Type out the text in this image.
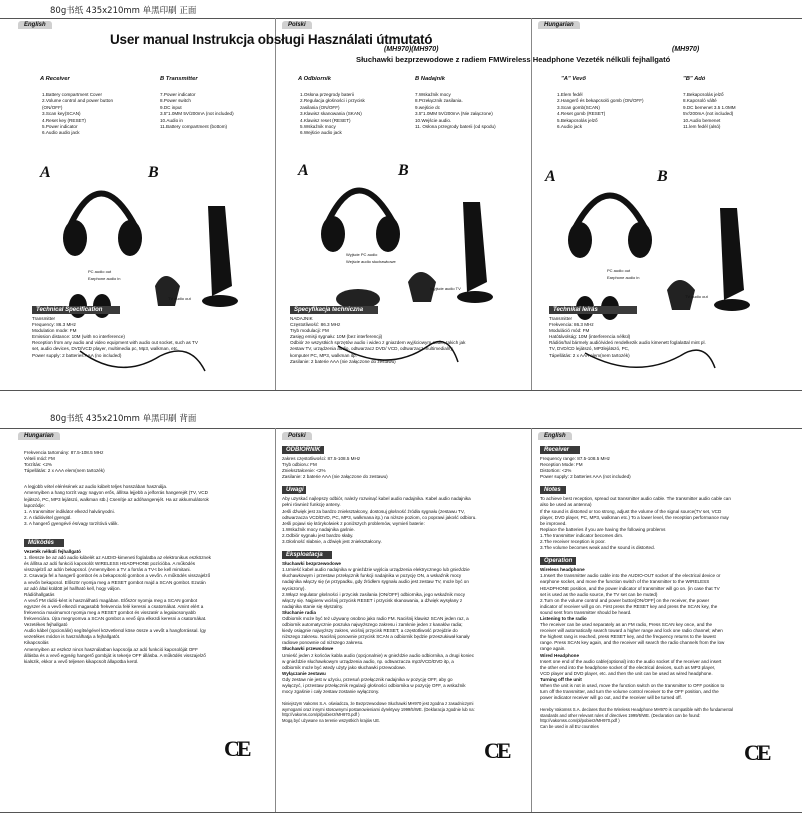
80g书纸 435x210mm 单黑印刷 正面
80g书纸 435x210mm 单黑印刷 背面
English	Polski	Hungarian
User manual Instrukcja obsługi Használati útmutató
(MH970)(MH970)	(MH970)
Słuchawki bezprzewodowe z radiem FMWireless Headphone Vezeték nélküli fejhallgató
A Receiver
1.Battery compartment Cover
2.Volume control and power button
(ON/OFF)
3.Scan key(SCAN)
4.Reset key (RESET)
5.Power indicator
6.Audio audio jack
B Transmitter
7.Power indicator
8.Power switch
9.DC input
3.5"1.0MM 5V/200mA (not included)
10.Audio in
11.Battery compartment (bottom)
A	B
PC audio out
Earphone audio in
TV audio out
Technical Specification
Transmitter
Frequency: 86.3 MHz
Modulation mode: FM
Emission distance: 10M (with no interference)
Reception from any audio and video equipment with audio out socket, such as TV
set, audio devices, DVD/VCD player, multimedia pc, Mp3, walkman, etc.
Power supply: 2 batteries AAA (no included)
A Odbiornik
1.Osłona przegrody baterii
2.Regulacja głośności i przycisk
zasilania (ON/OFF)
3.Klawisz skanowania (SKAN)
4.Klawisz reset (RESET)
5.Wskaźnik mocy
6.Wejście audio jack
B Nadajnik
7.Wskaźnik mocy
8.Przełącznik zasilania.
9.wejście dc
3.5"1.0MM 5V/200mA (Nie załączone)
10.Wejście audio.
11. Osłona przegrody baterii (od spodu)
A	B
Wyjście PC audio
Wejście audio słuchawkowe
Wyjście audio TV
Specyfikacja techniczna
NADAJNIK
Częstotliwość: 86.3 MHz
Tryb modulacji: FM
Zasięg emisji sygnału: 10M (bez interferencji)
Odbiór ze wszystkich sprzętów audio i wideo z gniazdem wyjściowym audio, takich jak
zestaw TV, urządzenia audio, odtwarzacz DVD/ VCD, odtwarzacz multimedialny,
komputer PC, MP3, walkman itp.
Zasilanie: 2 baterie AAA (nie załączone do zestawu)
"A" Vevő
1.Elem fedél
2.Hangerő és bekapcsoló gomb (ON/OFF)
3.Scan gomb(SCAN)
4.Reset gomb (RESET)
5.Bekapcsolás jelző
6.Audio jack
"B" Adó
7.Bekapcsolás jelző
8.Kapcsoló válté
9.DC bemenet 3.5 1.0MM
5V/200mA (not included)
10.Audio bemenet
11.lem fedél (alsó)
A	B
PC audio out
Earphone audio in
TV audio out
Technikai leírás
Transmitter
Frekvencia: 86.3 MHz
Moduláció mód: FM
Hatótávolság: 10M (interferencia nélkül)
Rádiós/hal bármely audió/videó rendelkezik audio kimenett foglalattal mint pl.
TV, DVD/CD lejátszó, MP3lejátszó, PC,
Tápellátás: 2 x AAA elem(nem tartozék)
Hungarian	Polski	English
Frekvencia tartomány: 87.5-108.5 MHz
Vételi mód: FM
Torzítás: <2%
Tápellátás: 2 x AAA elem(nem tartozék)
A legjobb vétel elérésének az audio kábelt teljes hosszában használja.
Amennyiben a hang torzít vagy nagyon erős, állítsa lejjebb a jelforrás hangerejét (TV, VCD
lejátszó, PC, MP3 lejátszó, walkman stb.) Csenítje az adóhangerejét. Ha az akkumulátorok
lapozódje:
1. A transmitter indikátor elkezd halványodni.
2. A rádióvétel gyengül.
3. A hangerő gyengévé és/vagy torzítóvá válik.
Működés
Vezeték nélküli fejhallgató
1. Illessze be az adó audio kábelét az AUDIO-kimeneti foglalatba az elektronikus eszköznek
és állítsa az adó funkció kapcsolót WIRELESS HEADPHONE pozícióba. A működés
visszajelző az adón bekapcsol. (Amennyiben a TV a forrás a TV-t be kell mimitani.
2. Csavarja fel a hangerő gombot és a bekapcsoló gombon a vevőn. A működés visszajelző
a vevőn bekapcsol. Először nyomja meg a RESET gombot majd a SCAN gombot. Ezután
az adó által küldött jel hallható kell, hogy váljon.
Rádióhallgatás
A vevő FM rádió-ként is használható magában. Először nyomja meg a SCAN gombot
egyszer és a vevő elkezdi magasabb frekvencia felé keresni a csatornákat. Amint elért a
frekvencia maximumot nyomja meg a RESET gombot és visszatér a legalacsonyabb
frekvenciára. Újra megnyomva a SCAN gombot a vevő újra elkezdi keresni a csatornákat.
Vezetékes fejhallgató
Audio kábel (opcionális) segítségével közvetlenül köse össze a vevőt a hangforrással. Így
vezetékes módon is használhatja a fejhallgatót.
Kikapcsolás
Amennyiben az eszköz nincs használatban kapcsolja az adó funkció kapcsolóját OFF
állásba és a vevő egység hangerő gombját is tekerje OFF állásba. A működés visszajelző
kialszik, ekkor a vevő teljesen kikapcsolt állapotba kerül.
CE
ODBIORNIK
zakres częstotliwości: 87.5-108.5 MHz
Tryb odbioru: FM
Zniekształcenie: <2%
Zasilanie: 2 baterie AAA (nie załączone do zestawu)
Uwagi
Aby uzyskać najlepszy odbiór, należy rozwinąć kabel audio nadajnika. Kabel audio nadajnika
pełni również funkcję anteny.
Jeśli dźwięk jest za bardzo zniekształcony, dostosuj głośność źródła sygnału (zestawu TV,
odtwarzacza VCD/DVD, PC, MP3, walkmana itp.) na niższe poziom, co poprawi jakość odbioru.
Jeśli pojawi się którykolwiek z poniższych problemów, wymień baterie:
1.Wskaźnik mocy nadajnika gaśnie.
2.Odbiór sygnału jest bardzo słaby.
3.Głośność słabnie, a dźwięk jest zniekształcony.
Eksploatacja
Słuchawki bezprzewodowe
1.Umieść kabel audio nadajnika w gnieździe wyjścia urządzenia elektrycznego lub gnieździe
słuchawkowym i przestaw przełącznik funkcji nadajnika w pozycję ON, a wskaźnik mocy
nadajnika włączy się (w przypadku, gdy źródłem sygnału audio jest zestaw TV, może być on
wyciszony).
2.Włącz regulator głośności i przycisk zasilania (ON/OFF) odbiornika, jego wskaźnik mocy
włączy się. Najpierw wciśnij przycisk RESET i przycisk skanowania, a dźwięk wysyłany z
nadajnika stanie się słyszalny.
Słuchanie radia
Odbiornik może być też używany osobno jako radio FM. Naciśnij klawisz SCAN jeden raz, a
odbiornik automatycznie poszuka najwyższego zakresu i zamknie jeden z kanałów radia;
kiedy osiągnie najwyższy zakres, wciśnij przycisk RESET, a częstotliwość przejdzie do
niższego zakresu. Naciśnij ponownie przycisk SCAN a odbiornik będzie przeszukiwał kanały
radiowe ponownie od niższego zakresu.
Słuchawki przewodowe
Umieść jeden z końców kabla audio (opcjonalnie) w gnieździe audio odbiornika, a drugi koniec
w gnieździe słuchawkowym urządzenia audio, np. odtwarzacza mp3/VCD/DVD itp, a
odbiornik może być wtedy użyty jako słuchawki przewodowe.
Wyłączanie zestawu
Gdy zestaw nie jest w użyciu, przesuń przełącznik nadajnika w pozycję OFF, aby go
wyłączyć, i przestaw przełącznik regulacji głośności odbiornika w pozycję OFF, a wskaźnik
mocy zgaśnie i cały zestaw zostanie wyłączony.
Niniejszym Vakoms S.A. oświadcza, że Bezprzewodowe Słuchawki MH970 jest zgodna z zasadniczymi
wymogami oraz innymi stosownymi postanowieniami dyrektywy 1999/5/WE. (Deklaracja zgodnie lub na:
http://vakoms.com/pl/pobierz/MH970.pdf )
Mogą być używane na terenie wszystkich krajów UE.
CE
Receiver
Frequency range: 87.5-108.5 MHz
Reception Mode: FM
Distortion: <2%
Power supply: 2 batteries AAA (not included)
Notes
To achieve best reception, spread out transmitter audio cable. The transmitter audio cable can
also be used as antenna)
If the sound is distorted or too strong, adjust the volume of the signal source(TV set, VCD
player, DVD player, PC, MP3, walkman etc.) To a lower level, the reception performance may
be improved.
Replace the batteries if you are having the following problems
1.The transmitter indicator becomes dim.
2.The receiver reception is poor.
3.The volume becomes weak and the sound is distorted.
Operation
Wireless headphone
1.Insert the transmitter audio cable into the AUDIO-OUT socket of the electrical device or
earphone socket, and move the function switch of the transmitter to the WIRELESS
HEADPHONE position, and the power indicator of transmitter will go on. (in case that TV
set is used as the audio source, the TV set can be muted)
2.Turn on the volume control and power button[ON/OFF] on the receiver, the power
indicator of receiver will go on. First press the RESET key and press the SCAN key, the
sound sent from transmitter should be heard.
Listening to the radio
The receiver can be used separately as an FM radio, Press SCAN key once, and the
receiver will automatically search toward a higher range and lock one radio channel; when
the highest rang is reached, press RESET key, and the frequency returns to the lowest
range. Press SCAN key again, and the receiver will search the radio channels from the low
range again.
Wired Headphone
Insert one end of the audio cable(optional) into the audio socket of the receiver and insert
the other end into the headphone socket of the electrical devices, such as MP3 player,
VCD player and DVD player, etc. and then the unit can be used as wired headphone.
Turning off the unit
When the unit is not in used, move the function switch on the transmitter to OFF position to
turn off the transmitter, and turn the volume control receiver to the OFF position, and the
power indicator receiver will go out, and the receiver will be turned off.
Hereby Vakomss S.A. declares that the Wireless Headphone MH970 is compatible with the fundamental
standards and other relevant rules of directives 1999/5/WE. (Declaration can be found:
http://vakomss.com/pl/pobierz/MH970.pdf )
Can be used in all EU countries
CE
